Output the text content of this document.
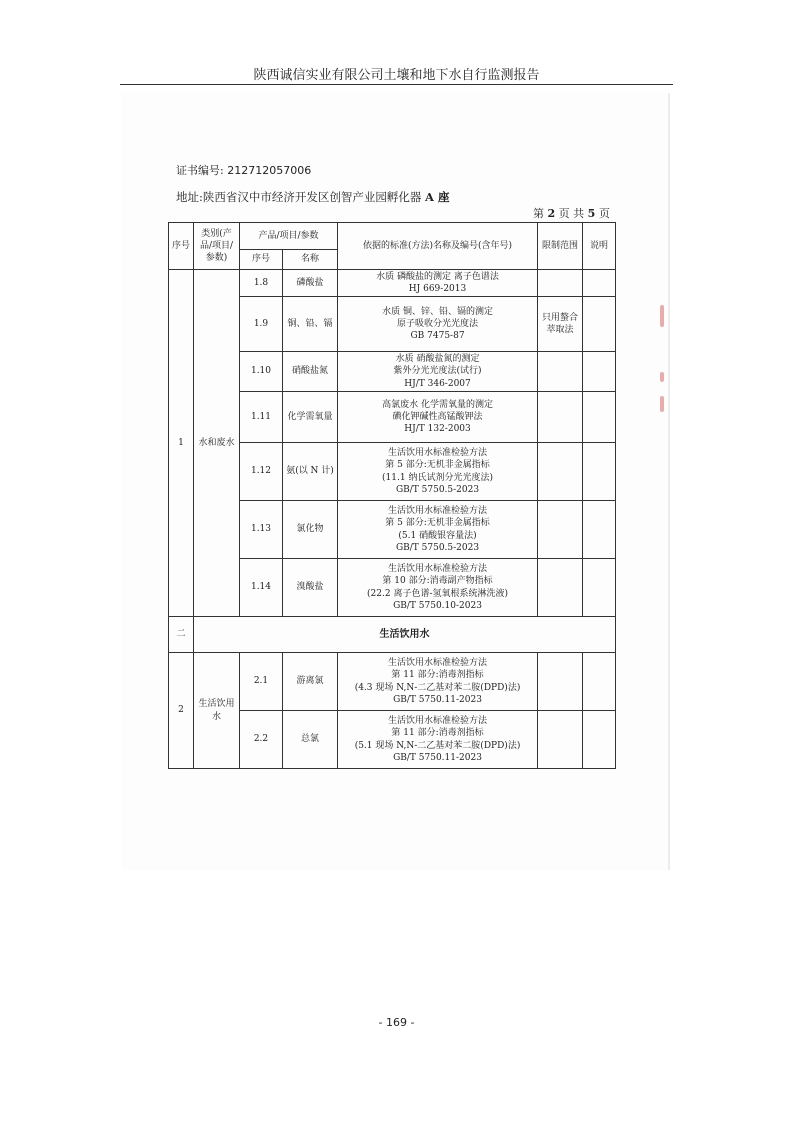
陕西诚信实业有限公司土壤和地下水自行监测报告
证书编号: 212712057006
地址:陕西省汉中市经济开发区创智产业园孵化器 A 座
第 2 页 共 5 页
序号	类别(产品/项目/参数)	产品/项目/参数		依据的标准(方法)名称及编号(含年号)	限制范围	说明
		序号	名称			
1	水和废水	1.8	磷酸盐	水质 磷酸盐的测定 离子色谱法
HJ 669-2013		

		1.9	铜、铅、镉	水质 铜、锌、铅、镉的测定
原子吸收分光光度法
GB 7475-87	只用螯合萃取法	
		1.10	硝酸盐氮	水质 硝酸盐氮的测定
紫外分光光度法(试行)
HJ/T 346-2007		

		1.11	化学需氧量	高氯废水 化学需氧量的测定
碘化钾碱性高锰酸钾法
HJ/T 132-2003		

		1.12	氨(以 N 计)	生活饮用水标准检验方法
第 5 部分:无机非金属指标
(11.1 纳氏试剂分光光度法)
GB/T 5750.5-2023		

		1.13	氯化物	生活饮用水标准检验方法
第 5 部分:无机非金属指标
(5.1 硝酸银容量法)
GB/T 5750.5-2023		

		1.14	溴酸盐	生活饮用水标准检验方法
第 10 部分:消毒副产物指标
(22.2 离子色谱-氢氧根系统淋洗液)
GB/T 5750.10-2023		

二	生活饮用水					
2	生活饮用水	2.1	游离氯	生活饮用水标准检验方法
第 11 部分:消毒剂指标
(4.3 现场 N,N-二乙基对苯二胺(DPD)法)
GB/T 5750.11-2023		

		2.2	总氯	生活饮用水标准检验方法
第 11 部分:消毒剂指标
(5.1 现场 N,N-二乙基对苯二胺(DPD)法)
GB/T 5750.11-2023		

- 169 -
